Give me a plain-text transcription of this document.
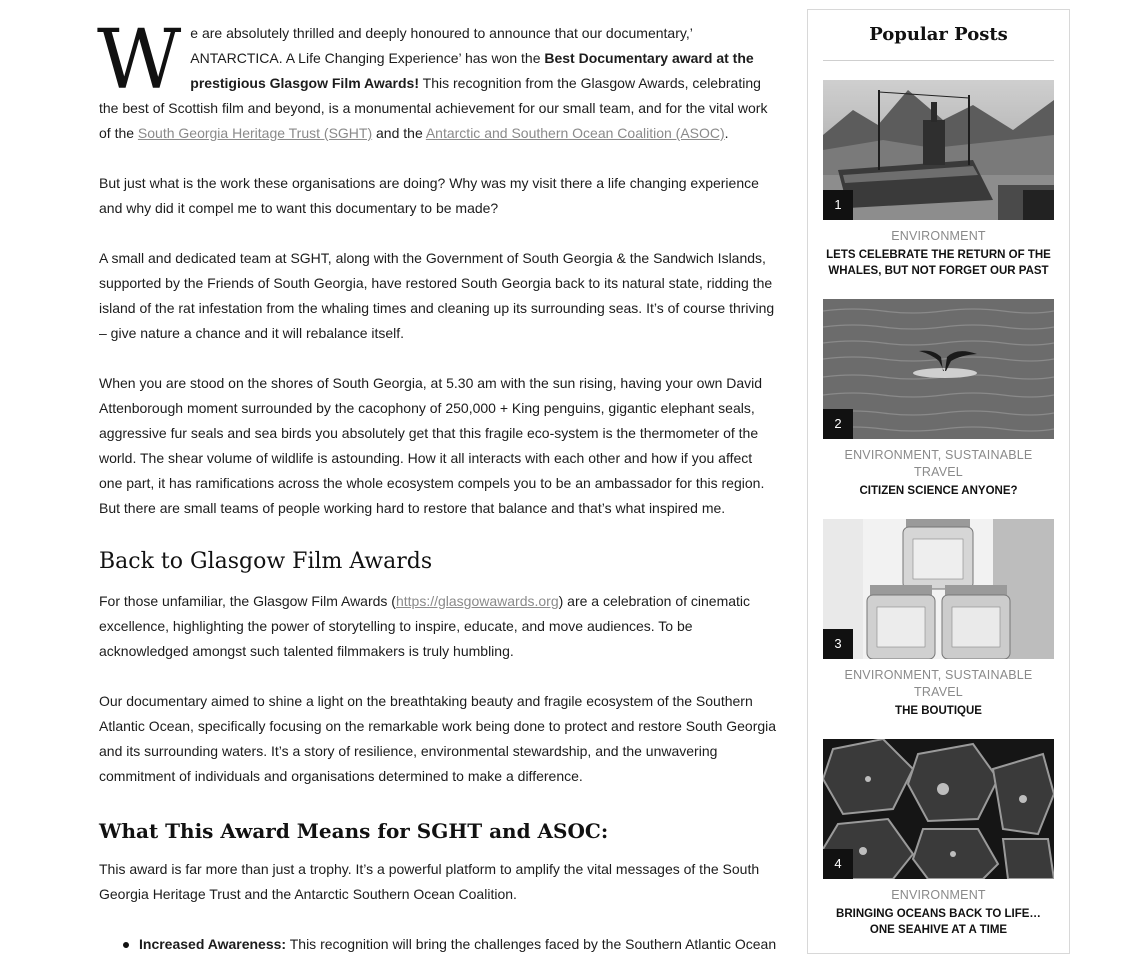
We are absolutely thrilled and deeply honoured to announce that our documentary,’ ANTARCTICA. A Life Changing Experience’ has won the Best Documentary award at the prestigious Glasgow Film Awards! This recognition from the Glasgow Awards, celebrating the best of Scottish film and beyond, is a monumental achievement for our small team, and for the vital work of the South Georgia Heritage Trust (SGHT) and the Antarctic and Southern Ocean Coalition (ASOC).

But just what is the work these organisations are doing? Why was my visit there a life changing experience and why did it compel me to want this documentary to be made?

A small and dedicated team at SGHT, along with the Government of South Georgia & the Sandwich Islands, supported by the Friends of South Georgia, have restored South Georgia back to its natural state, ridding the island of the rat infestation from the whaling times and cleaning up its surrounding seas. It’s of course thriving – give nature a chance and it will rebalance itself.

When you are stood on the shores of South Georgia, at 5.30 am with the sun rising, having your own David Attenborough moment surrounded by the cacophony of 250,000 + King penguins, gigantic elephant seals, aggressive fur seals and sea birds you absolutely get that this fragile eco-system is the thermometer of the world. The shear volume of wildlife is astounding. How it all interacts with each other and how if you affect one part, it has ramifications across the whole ecosystem compels you to be an ambassador for this region. But there are small teams of people working hard to restore that balance and that’s what inspired me.

Back to Glasgow Film Awards

For those unfamiliar, the Glasgow Film Awards (https://glasgowawards.org) are a celebration of cinematic excellence, highlighting the power of storytelling to inspire, educate, and move audiences. To be acknowledged amongst such talented filmmakers is truly humbling.

Our documentary aimed to shine a light on the breathtaking beauty and fragile ecosystem of the Southern Atlantic Ocean, specifically focusing on the remarkable work being done to protect and restore South Georgia and its surrounding waters. It’s a story of resilience, environmental stewardship, and the unwavering commitment of individuals and organisations determined to make a difference.

What This Award Means for SGHT and ASOC:

This award is far more than just a trophy. It’s a powerful platform to amplify the vital messages of the South Georgia Heritage Trust and the Antarctic Southern Ocean Coalition.

Increased Awareness: This recognition will bring the challenges faced by the Southern Atlantic Ocean
Popular Posts
1
ENVIRONMENT
LETS CELEBRATE THE RETURN OF THE WHALES, BUT NOT FORGET OUR PAST
2
ENVIRONMENT, SUSTAINABLE TRAVEL
CITIZEN SCIENCE ANYONE?
3
ENVIRONMENT, SUSTAINABLE TRAVEL
THE BOUTIQUE
4
ENVIRONMENT
BRINGING OCEANS BACK TO LIFE… ONE SEAHIVE AT A TIME
